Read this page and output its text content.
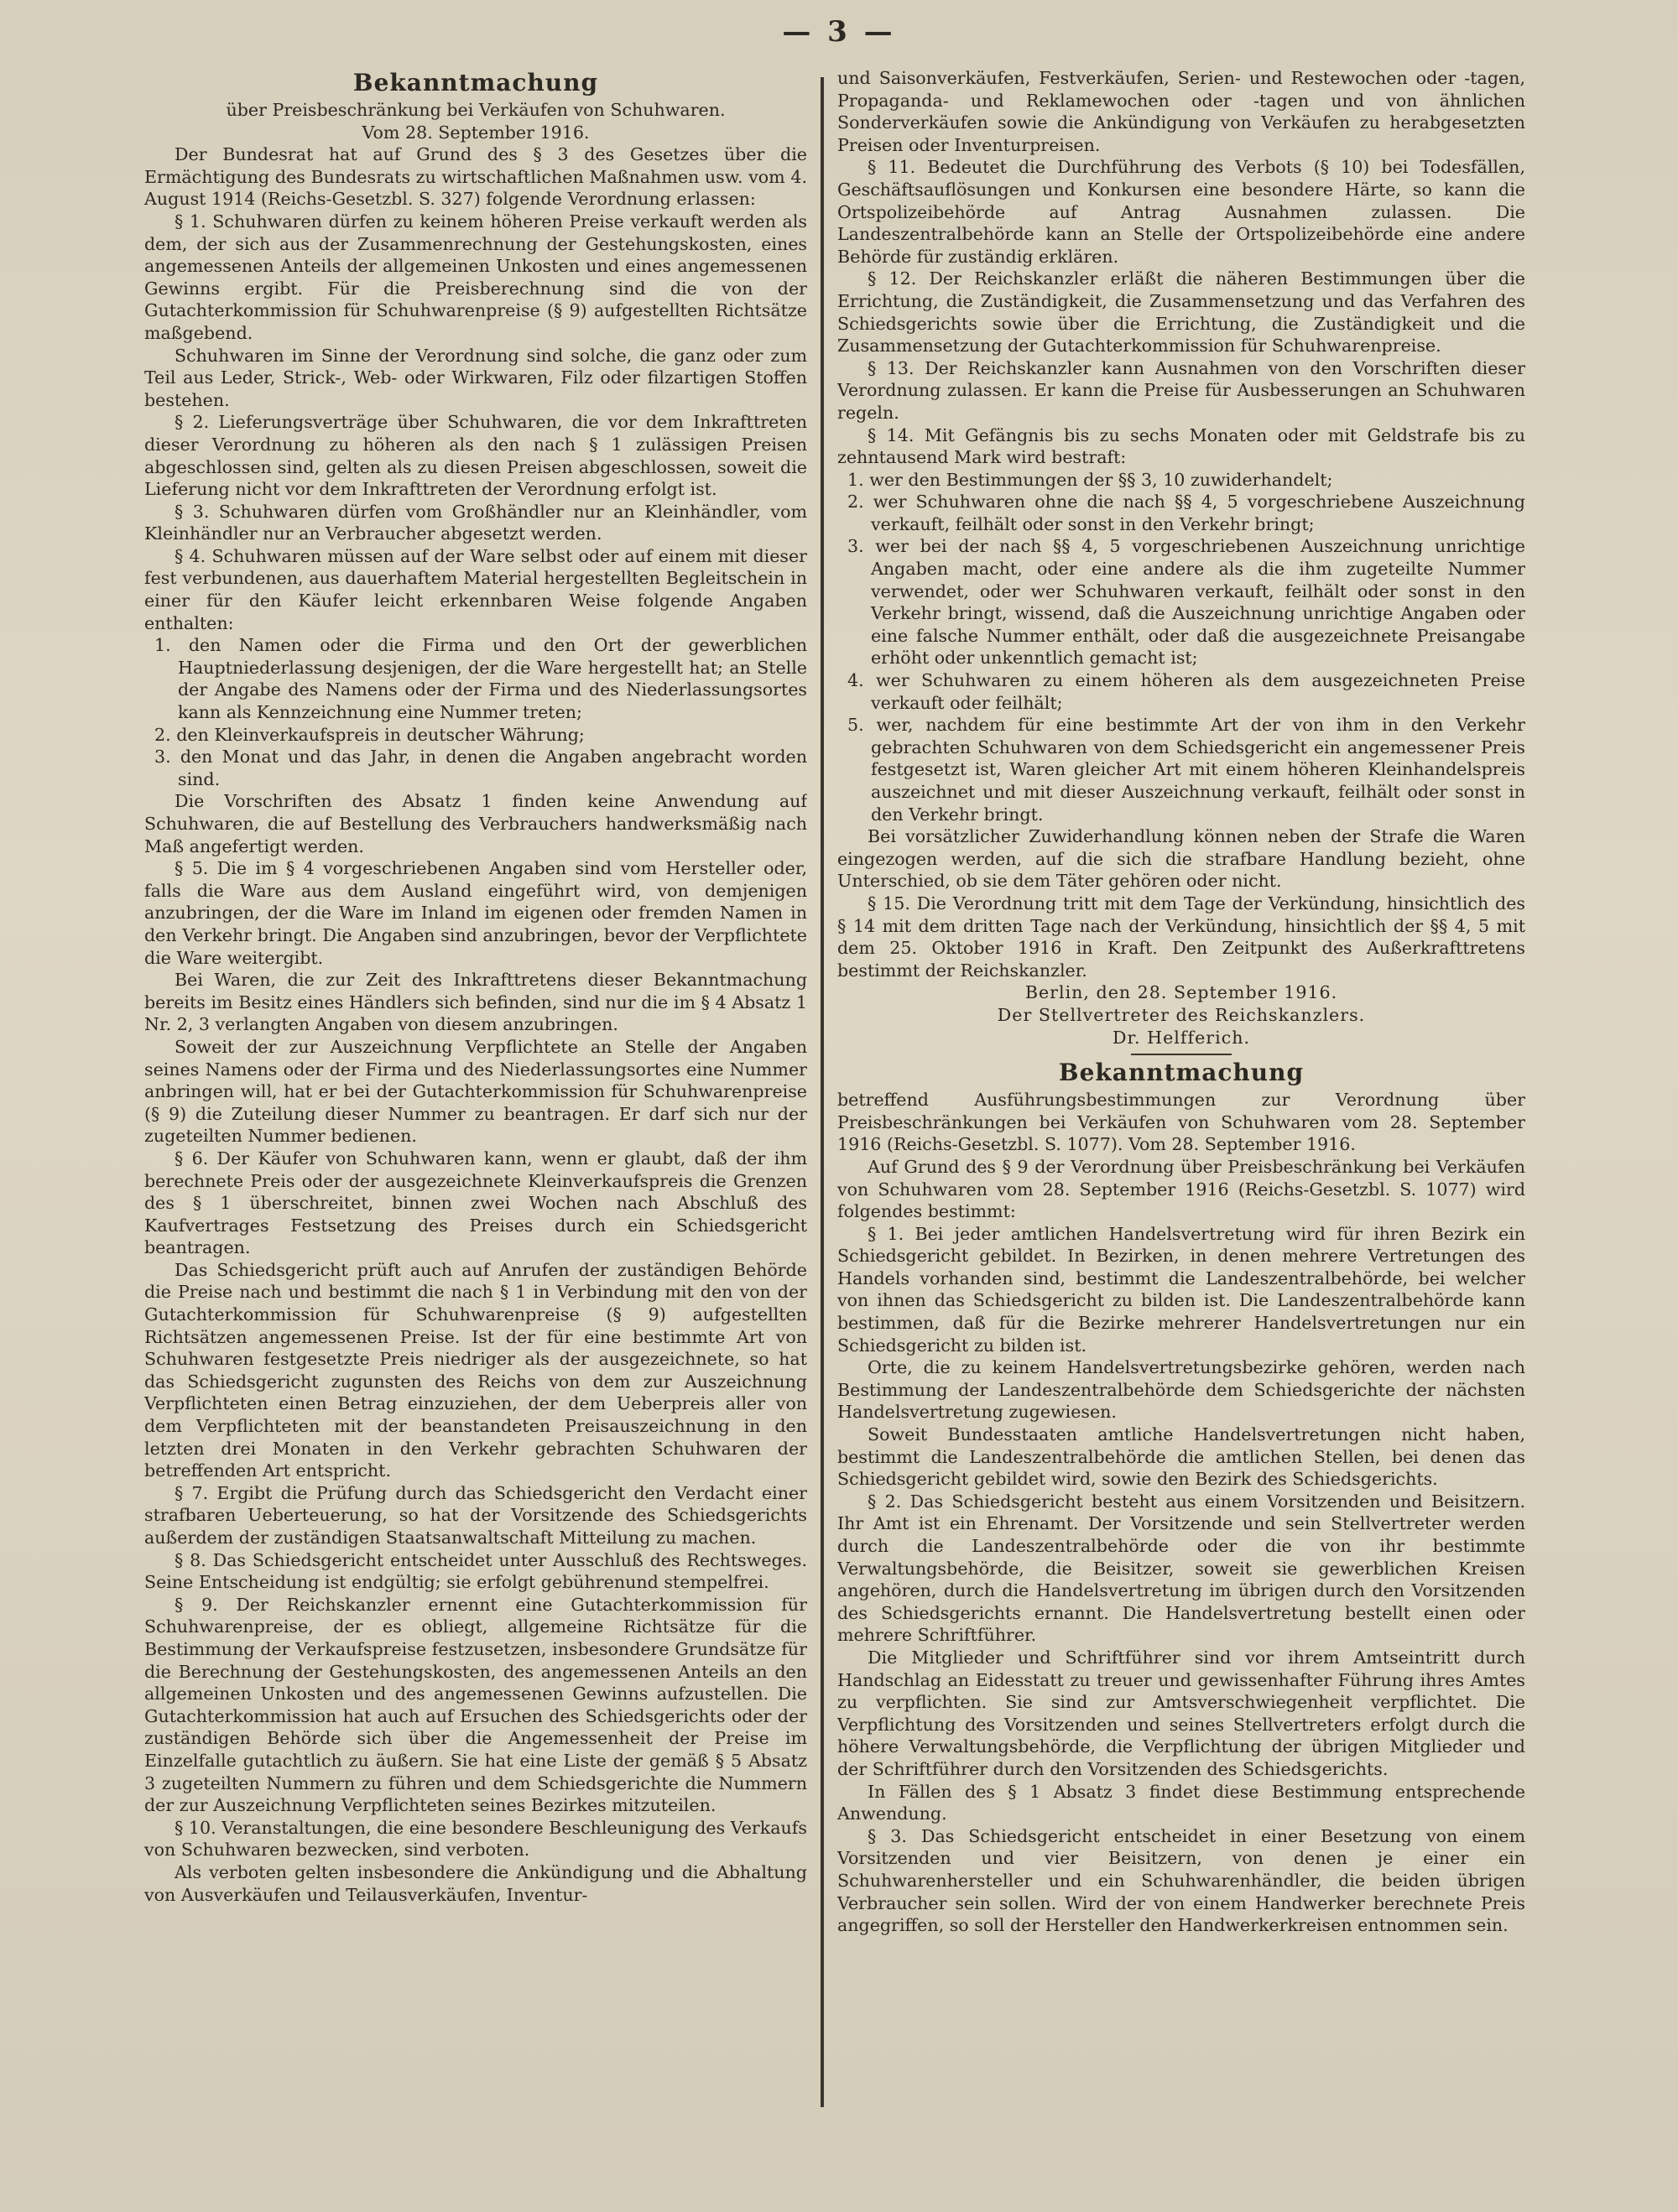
— 3 —
Bekanntmachung

über Preisbeschränkung bei Verkäufen von Schuhwaren.

Vom 28. September 1916.

Der Bundesrat hat auf Grund des § 3 des Gesetzes über die Ermächtigung des Bundesrats zu wirtschaftlichen Maßnahmen usw. vom 4. August 1914 (Reichs-Gesetzbl. S. 327) folgende Verordnung erlassen:

§ 1. Schuhwaren dürfen zu keinem höheren Preise verkauft werden als dem, der sich aus der Zusammenrechnung der Gestehungskosten, eines angemessenen Anteils der allgemeinen Unkosten und eines angemessenen Gewinns ergibt. Für die Preisberechnung sind die von der Gutachterkommission für Schuhwarenpreise (§ 9) aufgestellten Richtsätze maßgebend.

Schuhwaren im Sinne der Verordnung sind solche, die ganz oder zum Teil aus Leder, Strick-, Web- oder Wirkwaren, Filz oder filzartigen Stoffen bestehen.

§ 2. Lieferungsverträge über Schuhwaren, die vor dem Inkrafttreten dieser Verordnung zu höheren als den nach § 1 zulässigen Preisen abgeschlossen sind, gelten als zu diesen Preisen abgeschlossen, soweit die Lieferung nicht vor dem Inkrafttreten der Verordnung erfolgt ist.

§ 3. Schuhwaren dürfen vom Großhändler nur an Kleinhändler, vom Kleinhändler nur an Verbraucher abgesetzt werden.

§ 4. Schuhwaren müssen auf der Ware selbst oder auf einem mit dieser fest verbundenen, aus dauerhaftem Material hergestellten Begleitschein in einer für den Käufer leicht erkennbaren Weise folgende Angaben enthalten:

1. den Namen oder die Firma und den Ort der gewerblichen Hauptniederlassung desjenigen, der die Ware hergestellt hat; an Stelle der Angabe des Namens oder der Firma und des Niederlassungsortes kann als Kennzeichnung eine Nummer treten;
2. den Kleinverkaufspreis in deutscher Währung;
3. den Monat und das Jahr, in denen die Angaben angebracht worden sind.

Die Vorschriften des Absatz 1 finden keine Anwendung auf Schuhwaren, die auf Bestellung des Verbrauchers handwerksmäßig nach Maß angefertigt werden.

§ 5. Die im § 4 vorgeschriebenen Angaben sind vom Hersteller oder, falls die Ware aus dem Ausland eingeführt wird, von demjenigen anzubringen, der die Ware im Inland im eigenen oder fremden Namen in den Verkehr bringt. Die Angaben sind anzubringen, bevor der Verpflichtete die Ware weitergibt.

Bei Waren, die zur Zeit des Inkrafttretens dieser Bekanntmachung bereits im Besitz eines Händlers sich befinden, sind nur die im § 4 Absatz 1 Nr. 2, 3 verlangten Angaben von diesem anzubringen.

Soweit der zur Auszeichnung Verpflichtete an Stelle der Angaben seines Namens oder der Firma und des Niederlassungsortes eine Nummer anbringen will, hat er bei der Gutachterkommission für Schuhwarenpreise (§ 9) die Zuteilung dieser Nummer zu beantragen. Er darf sich nur der zugeteilten Nummer bedienen.

§ 6. Der Käufer von Schuhwaren kann, wenn er glaubt, daß der ihm berechnete Preis oder der ausgezeichnete Kleinverkaufspreis die Grenzen des § 1 überschreitet, binnen zwei Wochen nach Abschluß des Kaufvertrages Festsetzung des Preises durch ein Schiedsgericht beantragen.

Das Schiedsgericht prüft auch auf Anrufen der zuständigen Behörde die Preise nach und bestimmt die nach § 1 in Verbindung mit den von der Gutachterkommission für Schuhwarenpreise (§ 9) aufgestellten Richtsätzen angemessenen Preise. Ist der für eine bestimmte Art von Schuhwaren festgesetzte Preis niedriger als der ausgezeichnete, so hat das Schiedsgericht zugunsten des Reichs von dem zur Auszeichnung Verpflichteten einen Betrag einzuziehen, der dem Ueberpreis aller von dem Verpflichteten mit der beanstandeten Preisauszeichnung in den letzten drei Monaten in den Verkehr gebrachten Schuhwaren der betreffenden Art entspricht.

§ 7. Ergibt die Prüfung durch das Schiedsgericht den Verdacht einer strafbaren Ueberteuerung, so hat der Vorsitzende des Schiedsgerichts außerdem der zuständigen Staatsanwaltschaft Mitteilung zu machen.

§ 8. Das Schiedsgericht entscheidet unter Ausschluß des Rechtsweges. Seine Entscheidung ist endgültig; sie erfolgt gebührenund stempelfrei.

§ 9. Der Reichskanzler ernennt eine Gutachterkommission für Schuhwarenpreise, der es obliegt, allgemeine Richtsätze für die Bestimmung der Verkaufspreise festzusetzen, insbesondere Grundsätze für die Berechnung der Gestehungskosten, des angemessenen Anteils an den allgemeinen Unkosten und des angemessenen Gewinns aufzustellen. Die Gutachterkommission hat auch auf Ersuchen des Schiedsgerichts oder der zuständigen Behörde sich über die Angemessenheit der Preise im Einzelfalle gutachtlich zu äußern. Sie hat eine Liste der gemäß § 5 Absatz 3 zugeteilten Nummern zu führen und dem Schiedsgerichte die Nummern der zur Auszeichnung Verpflichteten seines Bezirkes mitzuteilen.

§ 10. Veranstaltungen, die eine besondere Beschleunigung des Verkaufs von Schuhwaren bezwecken, sind verboten.

Als verboten gelten insbesondere die Ankündigung und die Abhaltung von Ausverkäufen und Teilausverkäufen, Inventur-

und Saisonverkäufen, Festverkäufen, Serien- und Restewochen oder -tagen, Propaganda- und Reklamewochen oder -tagen und von ähnlichen Sonderverkäufen sowie die Ankündigung von Verkäufen zu herabgesetzten Preisen oder Inventurpreisen.

§ 11. Bedeutet die Durchführung des Verbots (§ 10) bei Todesfällen, Geschäftsauflösungen und Konkursen eine besondere Härte, so kann die Ortspolizeibehörde auf Antrag Ausnahmen zulassen. Die Landeszentralbehörde kann an Stelle der Ortspolizeibehörde eine andere Behörde für zuständig erklären.

§ 12. Der Reichskanzler erläßt die näheren Bestimmungen über die Errichtung, die Zuständigkeit, die Zusammensetzung und das Verfahren des Schiedsgerichts sowie über die Errichtung, die Zuständigkeit und die Zusammensetzung der Gutachterkommission für Schuhwarenpreise.

§ 13. Der Reichskanzler kann Ausnahmen von den Vorschriften dieser Verordnung zulassen. Er kann die Preise für Ausbesserungen an Schuhwaren regeln.

§ 14. Mit Gefängnis bis zu sechs Monaten oder mit Geldstrafe bis zu zehntausend Mark wird bestraft:

1. wer den Bestimmungen der §§ 3, 10 zuwiderhandelt;
2. wer Schuhwaren ohne die nach §§ 4, 5 vorgeschriebene Auszeichnung verkauft, feilhält oder sonst in den Verkehr bringt;
3. wer bei der nach §§ 4, 5 vorgeschriebenen Auszeichnung unrichtige Angaben macht, oder eine andere als die ihm zugeteilte Nummer verwendet, oder wer Schuhwaren verkauft, feilhält oder sonst in den Verkehr bringt, wissend, daß die Auszeichnung unrichtige Angaben oder eine falsche Nummer enthält, oder daß die ausgezeichnete Preisangabe erhöht oder unkenntlich gemacht ist;
4. wer Schuhwaren zu einem höheren als dem ausgezeichneten Preise verkauft oder feilhält;
5. wer, nachdem für eine bestimmte Art der von ihm in den Verkehr gebrachten Schuhwaren von dem Schiedsgericht ein angemessener Preis festgesetzt ist, Waren gleicher Art mit einem höheren Kleinhandelspreis auszeichnet und mit dieser Auszeichnung verkauft, feilhält oder sonst in den Verkehr bringt.

Bei vorsätzlicher Zuwiderhandlung können neben der Strafe die Waren eingezogen werden, auf die sich die strafbare Handlung bezieht, ohne Unterschied, ob sie dem Täter gehören oder nicht.

§ 15. Die Verordnung tritt mit dem Tage der Verkündung, hinsichtlich des § 14 mit dem dritten Tage nach der Verkündung, hinsichtlich der §§ 4, 5 mit dem 25. Oktober 1916 in Kraft. Den Zeitpunkt des Außerkrafttretens bestimmt der Reichskanzler.

Berlin, den 28. September 1916.

Der Stellvertreter des Reichskanzlers.

Dr. Helfferich.

Bekanntmachung

betreffend Ausführungsbestimmungen zur Verordnung über Preisbeschränkungen bei Verkäufen von Schuhwaren vom 28. September 1916 (Reichs-Gesetzbl. S. 1077). Vom 28. September 1916.

Auf Grund des § 9 der Verordnung über Preisbeschränkung bei Verkäufen von Schuhwaren vom 28. September 1916 (Reichs-Gesetzbl. S. 1077) wird folgendes bestimmt:

§ 1. Bei jeder amtlichen Handelsvertretung wird für ihren Bezirk ein Schiedsgericht gebildet. In Bezirken, in denen mehrere Vertretungen des Handels vorhanden sind, bestimmt die Landeszentralbehörde, bei welcher von ihnen das Schiedsgericht zu bilden ist. Die Landeszentralbehörde kann bestimmen, daß für die Bezirke mehrerer Handelsvertretungen nur ein Schiedsgericht zu bilden ist.

Orte, die zu keinem Handelsvertretungsbezirke gehören, werden nach Bestimmung der Landeszentralbehörde dem Schiedsgerichte der nächsten Handelsvertretung zugewiesen.

Soweit Bundesstaaten amtliche Handelsvertretungen nicht haben, bestimmt die Landeszentralbehörde die amtlichen Stellen, bei denen das Schiedsgericht gebildet wird, sowie den Bezirk des Schiedsgerichts.

§ 2. Das Schiedsgericht besteht aus einem Vorsitzenden und Beisitzern. Ihr Amt ist ein Ehrenamt. Der Vorsitzende und sein Stellvertreter werden durch die Landeszentralbehörde oder die von ihr bestimmte Verwaltungsbehörde, die Beisitzer, soweit sie gewerblichen Kreisen angehören, durch die Handelsvertretung im übrigen durch den Vorsitzenden des Schiedsgerichts ernannt. Die Handelsvertretung bestellt einen oder mehrere Schriftführer.

Die Mitglieder und Schriftführer sind vor ihrem Amtseintritt durch Handschlag an Eidesstatt zu treuer und gewissenhafter Führung ihres Amtes zu verpflichten. Sie sind zur Amtsverschwiegenheit verpflichtet. Die Verpflichtung des Vorsitzenden und seines Stellvertreters erfolgt durch die höhere Verwaltungsbehörde, die Verpflichtung der übrigen Mitglieder und der Schriftführer durch den Vorsitzenden des Schiedsgerichts.

In Fällen des § 1 Absatz 3 findet diese Bestimmung entsprechende Anwendung.

§ 3. Das Schiedsgericht entscheidet in einer Besetzung von einem Vorsitzenden und vier Beisitzern, von denen je einer ein Schuhwarenhersteller und ein Schuhwarenhändler, die beiden übrigen Verbraucher sein sollen. Wird der von einem Handwerker berechnete Preis angegriffen, so soll der Hersteller den Handwerkerkreisen entnommen sein.
